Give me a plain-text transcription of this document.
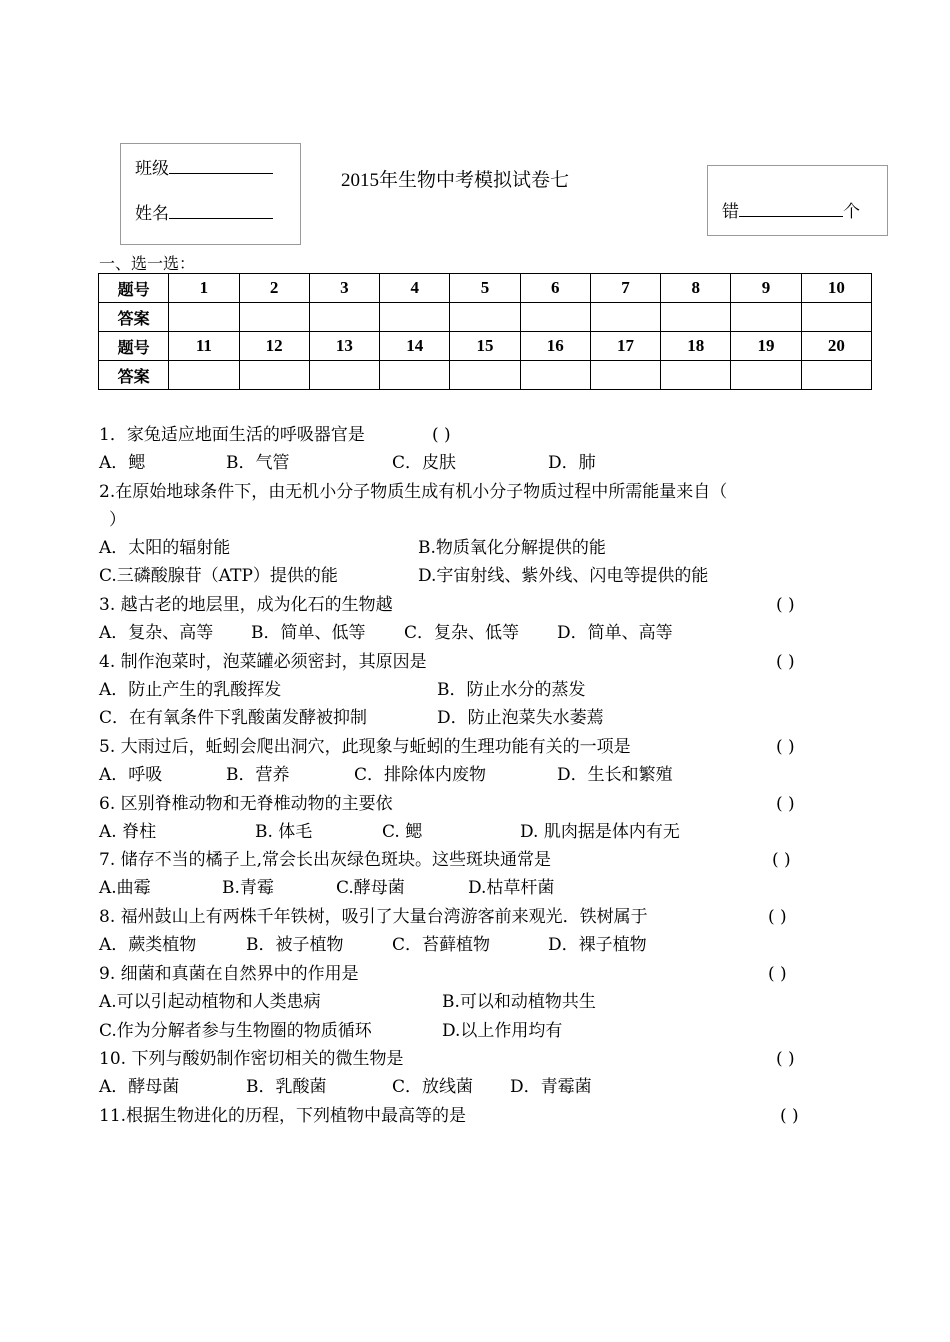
班级
姓名
2015年生物中考模拟试卷七
错	个
一、选一选：
题号	1	2	3	4	5	6	7	8	9	10
答案										
题号	11	12	13	14	15	16	17	18	19	20
答案										
1．家兔适应地面生活的呼吸器官是	( )
A．鳃	B．气管	C．皮肤	D．肺
2.在原始地球条件下，由无机小分子物质生成有机小分子物质过程中所需能量来自（
）
A．太阳的辐射能	B.物质氧化分解提供的能
C.三磷酸腺苷（ATP）提供的能	D.宇宙射线、紫外线、闪电等提供的能
3. 越古老的地层里，成为化石的生物越	( )
A．复杂、高等 B．简单、低等 C．复杂、低等 D．简单、高等
4. 制作泡菜时，泡菜罐必须密封，其原因是	( )
A．防止产生的乳酸挥发	B．防止水分的蒸发
C．在有氧条件下乳酸菌发酵被抑制	D．防止泡菜失水萎蔫
5. 大雨过后，蚯蚓会爬出洞穴，此现象与蚯蚓的生理功能有关的一项是	( )
A．呼吸	B．营养	C．排除体内废物	D．生长和繁殖
6. 区别脊椎动物和无脊椎动物的主要依	( )
A. 脊柱	B. 体毛	C. 鳃	D. 肌肉据是体内有无
7. 储存不当的橘子上,常会长出灰绿色斑块。这些斑块通常是	( )
A.曲霉	B.青霉	C.酵母菌	D.枯草杆菌
8. 福州鼓山上有两株千年铁树，吸引了大量台湾游客前来观光．铁树属于	( )
A．蕨类植物	B．被子植物	C．苔藓植物	D．裸子植物
9. 细菌和真菌在自然界中的作用是	( )
A.可以引起动植物和人类患病	B.可以和动植物共生
C.作为分解者参与生物圈的物质循环	D.以上作用均有
10. 下列与酸奶制作密切相关的微生物是	( )
A．酵母菌	B．乳酸菌	C．放线菌 D．青霉菌
11.根据生物进化的历程，下列植物中最高等的是	( )
